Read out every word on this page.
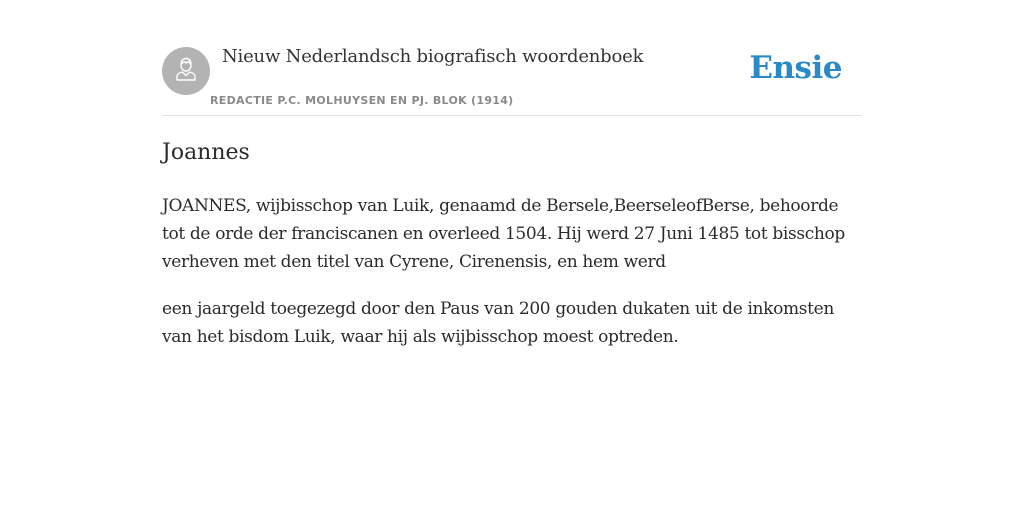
Nieuw Nederlandsch biografisch woordenboek
REDACTIE P.C. MOLHUYSEN EN PJ. BLOK (1914)
Ensie
Joannes

JOANNES, wijbisschop van Luik, genaamd de Bersele,BeerseleofBerse, behoorde tot de orde der franciscanen en overleed 1504. Hij werd 27 Juni 1485 tot bisschop verheven met den titel van Cyrene, Cirenensis, en hem werd

een jaargeld toegezegd door den Paus van 200 gouden dukaten uit de inkomsten van het bisdom Luik, waar hij als wijbisschop moest optreden.
